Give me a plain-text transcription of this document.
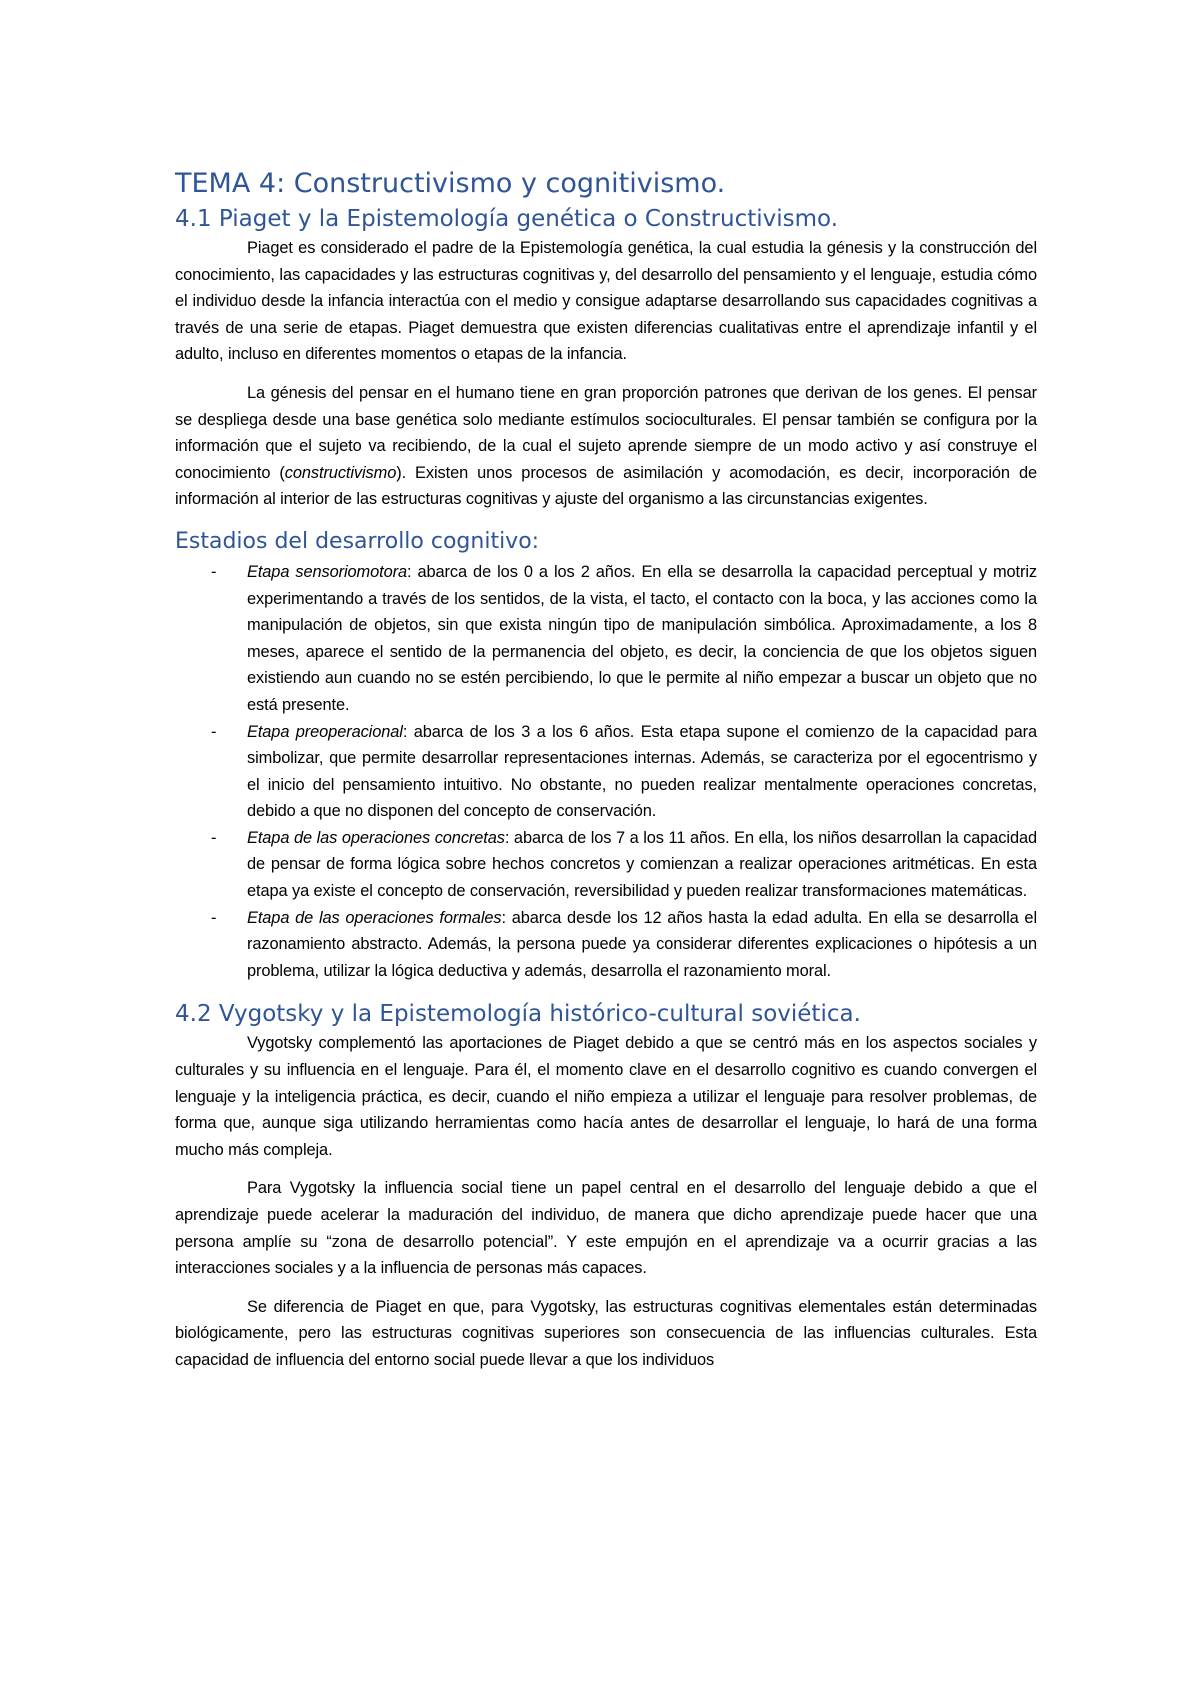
TEMA 4: Constructivismo y cognitivismo.
4.1 Piaget y la Epistemología genética o Constructivismo.

Piaget es considerado el padre de la Epistemología genética, la cual estudia la génesis y la construcción del conocimiento, las capacidades y las estructuras cognitivas y, del desarrollo del pensamiento y el lenguaje, estudia cómo el individuo desde la infancia interactúa con el medio y consigue adaptarse desarrollando sus capacidades cognitivas a través de una serie de etapas. Piaget demuestra que existen diferencias cualitativas entre el aprendizaje infantil y el adulto, incluso en diferentes momentos o etapas de la infancia.

La génesis del pensar en el humano tiene en gran proporción patrones que derivan de los genes. El pensar se despliega desde una base genética solo mediante estímulos socioculturales. El pensar también se configura por la información que el sujeto va recibiendo, de la cual el sujeto aprende siempre de un modo activo y así construye el conocimiento (constructivismo). Existen unos procesos de asimilación y acomodación, es decir, incorporación de información al interior de las estructuras cognitivas y ajuste del organismo a las circunstancias exigentes.

Estadios del desarrollo cognitivo:
- Etapa sensoriomotora: abarca de los 0 a los 2 años. En ella se desarrolla la capacidad perceptual y motriz experimentando a través de los sentidos, de la vista, el tacto, el contacto con la boca, y las acciones como la manipulación de objetos, sin que exista ningún tipo de manipulación simbólica. Aproximadamente, a los 8 meses, aparece el sentido de la permanencia del objeto, es decir, la conciencia de que los objetos siguen existiendo aun cuando no se estén percibiendo, lo que le permite al niño empezar a buscar un objeto que no está presente.
- Etapa preoperacional: abarca de los 3 a los 6 años. Esta etapa supone el comienzo de la capacidad para simbolizar, que permite desarrollar representaciones internas. Además, se caracteriza por el egocentrismo y el inicio del pensamiento intuitivo. No obstante, no pueden realizar mentalmente operaciones concretas, debido a que no disponen del concepto de conservación.
- Etapa de las operaciones concretas: abarca de los 7 a los 11 años. En ella, los niños desarrollan la capacidad de pensar de forma lógica sobre hechos concretos y comienzan a realizar operaciones aritméticas. En esta etapa ya existe el concepto de conservación, reversibilidad y pueden realizar transformaciones matemáticas.
- Etapa de las operaciones formales: abarca desde los 12 años hasta la edad adulta. En ella se desarrolla el razonamiento abstracto. Además, la persona puede ya considerar diferentes explicaciones o hipótesis a un problema, utilizar la lógica deductiva y además, desarrolla el razonamiento moral.
4.2 Vygotsky y la Epistemología histórico-cultural soviética.

Vygotsky complementó las aportaciones de Piaget debido a que se centró más en los aspectos sociales y culturales y su influencia en el lenguaje. Para él, el momento clave en el desarrollo cognitivo es cuando convergen el lenguaje y la inteligencia práctica, es decir, cuando el niño empieza a utilizar el lenguaje para resolver problemas, de forma que, aunque siga utilizando herramientas como hacía antes de desarrollar el lenguaje, lo hará de una forma mucho más compleja.

Para Vygotsky la influencia social tiene un papel central en el desarrollo del lenguaje debido a que el aprendizaje puede acelerar la maduración del individuo, de manera que dicho aprendizaje puede hacer que una persona amplíe su “zona de desarrollo potencial”. Y este empujón en el aprendizaje va a ocurrir gracias a las interacciones sociales y a la influencia de personas más capaces.

Se diferencia de Piaget en que, para Vygotsky, las estructuras cognitivas elementales están determinadas biológicamente, pero las estructuras cognitivas superiores son consecuencia de las influencias culturales. Esta capacidad de influencia del entorno social puede llevar a que los individuos
